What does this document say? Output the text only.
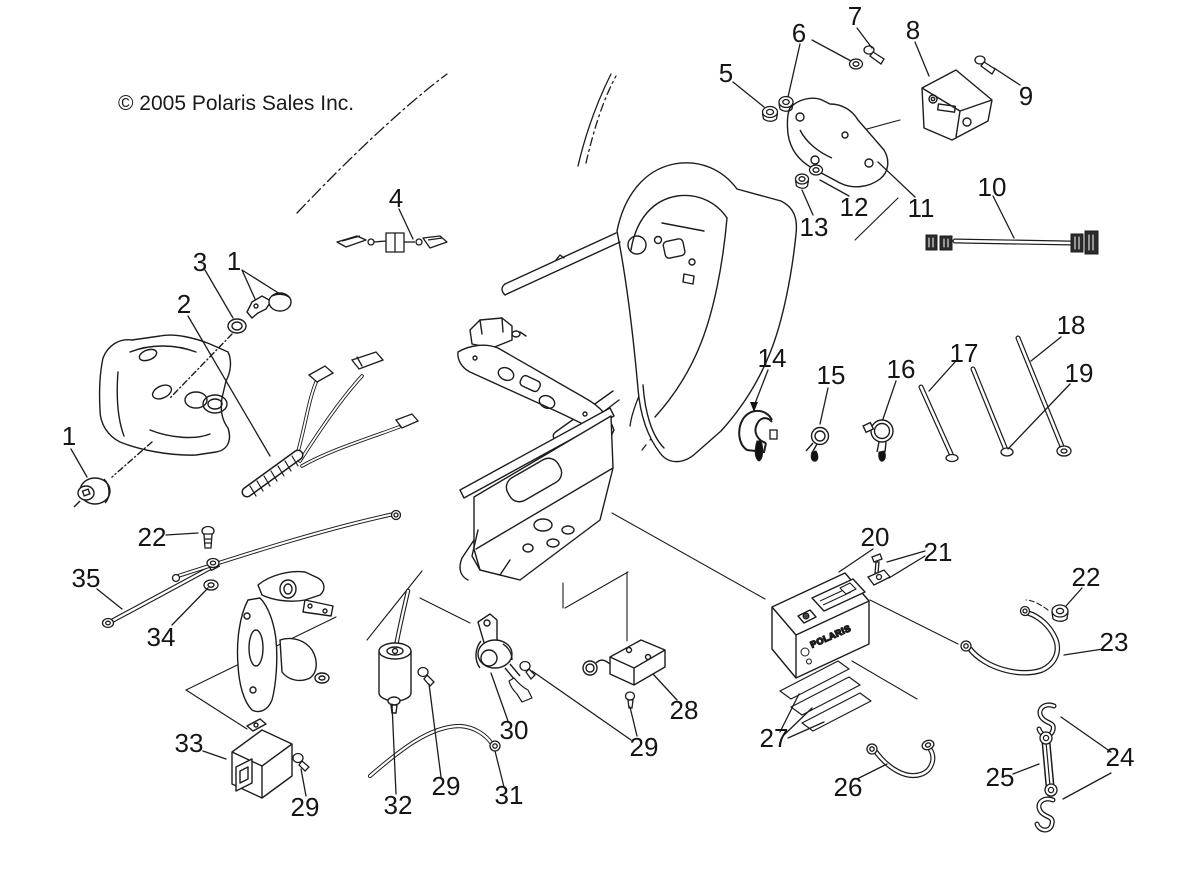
POLARIS
1
1
2
3
4
5
6
7 8
9
10
11
12
13
14
15 16
17
18
19
20 21
22
22
23
24
25
26
27
28
29
29
29
30
31
32
33
34
35
© 2005 Polaris Sales Inc.
